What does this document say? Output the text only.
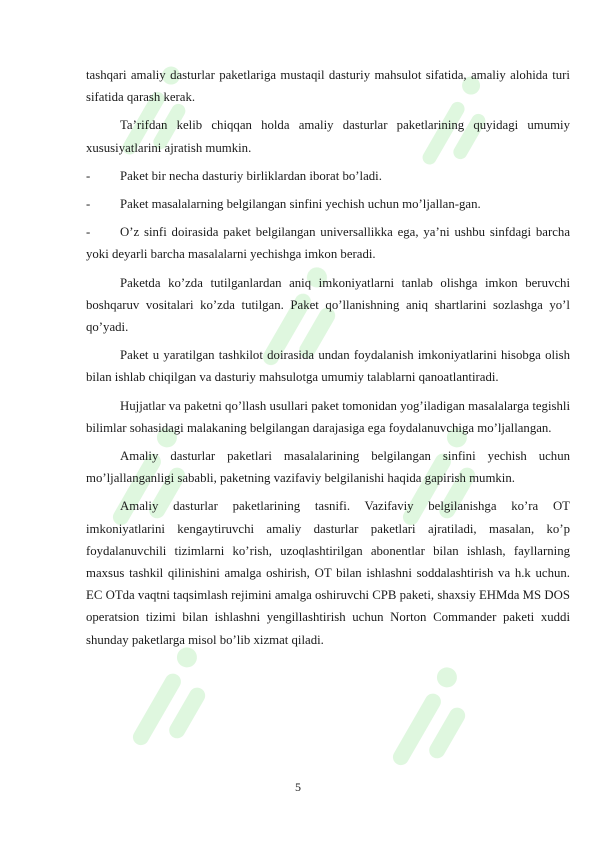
tashqari amaliy dasturlar paketlariga mustaqil dasturiy mahsulot sifatida, amaliy alohida turi sifatida qarash kerak.

Ta’rifdan kelib chiqqan holda amaliy dasturlar paketlarining quyidagi umumiy xususiyatlarini ajratish mumkin.

-	Paket bir necha dasturiy birliklardan iborat bo’ladi.
-	Paket masalalarning belgilangan sinfini yechish uchun mo’ljallan-gan.

- O’z sinfi doirasida paket belgilangan universallikka ega, ya’ni ushbu sinfdagi barcha yoki deyarli barcha masalalarni yechishga imkon beradi.

Paketda ko’zda tutilganlardan aniq imkoniyatlarni tanlab olishga imkon beruvchi boshqaruv vositalari ko’zda tutilgan. Paket qo’llanishning aniq shartlarini sozlashga yo’l qo’yadi.

Paket u yaratilgan tashkilot doirasida undan foydalanish imkoniyatlarini hisobga olish bilan ishlab chiqilgan va dasturiy mahsulotga umumiy talablarni qanoatlantiradi.

Hujjatlar va paketni qo’llash usullari paket tomonidan yog’iladigan masalalarga tegishli bilimlar sohasidagi malakaning belgilangan darajasiga ega foydalanuvchiga mo’ljallangan.

Amaliy dasturlar paketlari masalalarining belgilangan sinfini yechish uchun mo’ljallanganligi sababli, paketning vazifaviy belgilanishi haqida gapirish mumkin.

Amaliy dasturlar paketlarining tasnifi. Vazifaviy belgilanishga ko’ra OT imkoniyatlarini kengaytiruvchi amaliy dasturlar paketlari ajratiladi, masalan, ko’p foydalanuvchili tizimlarni ko’rish, uzoqlashtirilgan abonentlar bilan ishlash, fayllarning maxsus tashkil qilinishini amalga oshirish, OT bilan ishlashni soddalashtirish va h.k uchun. EC OTda vaqtni taqsimlash rejimini amalga oshiruvchi CPB paketi, shaxsiy EHMda MS DOS operatsion tizimi bilan ishlashni yengillashtirish uchun Norton Commander paketi xuddi shunday paketlarga misol bo’lib xizmat qiladi.

5
